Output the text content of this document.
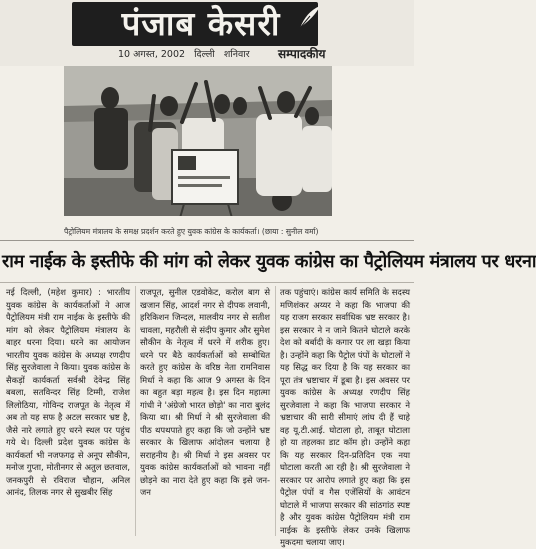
पंजाब केसरी
10 अगस्त, 2002 दिल्ली शनिवार	सम्पादकीय
पैट्रोलियम मंत्रालय के समक्ष प्रदर्शन करते हुए युवक कांग्रेस के कार्यकर्ता। (छाया : सुनील वर्मा)
राम नाईक के इस्तीफे की मांग को लेकर युवक कांग्रेस का पैट्रोलियम मंत्रालय पर धरना

नई दिल्ली, (महेश कुमार) : भारतीय युवक कांग्रेस के कार्यकर्ताओं ने आज पैट्रोलियम मंत्री राम नाईक के इस्तीफे की मांग को लेकर पैट्रोलियम मंत्रालय के बाहर धरना दिया। धरने का आयोजन भारतीय युवक कांग्रेस के अध्यक्ष रणदीप सिंह सुरजेवाला ने किया। युवक कांग्रेस के सैकड़ों कार्यकर्ता सर्वश्री देवेन्द्र सिंह बबला, सतविन्दर सिंह टिम्मी, राजेश लिलोठिया, गोविन्द राजपूत के नेतृत्व में अब तो यह सफ है अटल सरकार भ्रष्ट है, जैसे नारे लगाते हुए धरने स्थल पर पहुंच गये थे। दिल्ली प्रदेश युवक कांग्रेस के कार्यकर्ता भी नजफगढ़ से अनूप सौकीन, मनोज गुप्ता, मोतीनगर से अतुल छतवाल, जनकपुरी से रविराज चौहान, अनिल आनंद, तिलक नगर से सुखबीर सिंह

राजपूत, सुनील एडवोकेट, करोल बाग से खजान सिंह, आदर्श नगर से दीपक लवानी, हरिकिशन जिन्दल, मालवीय नगर से सतीश चावला, महरौली से संदीप कुमार और सुमेश सौकीन के नेतृत्व में धरने में शरीक हुए। धरने पर बैठे कार्यकर्ताओं को सम्बोधित करते हुए कांग्रेस के वरिष्ठ नेता रामनिवास मिर्धा ने कहा कि आज 9 अगस्त के दिन का बहुत बड़ा महत्व है। इस दिन महात्मा गांधी ने 'अंग्रेजो भारत छोड़ो' का नारा बुलंद किया था। श्री मिर्धा ने श्री सुरजेवाला की पीठ थपथपाते हुए कहा कि जो उन्होंने भ्रष्ट सरकार के खिलाफ आंदोलन चलाया है सराहनीय है। श्री मिर्धा ने इस अवसर पर युवक कांग्रेस कार्यकर्ताओं को भावना नहीं छोड़ने का नारा देते हुए कहा कि इसे जन-जन

तक पहुंचाएं। कांग्रेस कार्य समिति के सदस्य मणिशंकर अय्यर ने कहा कि भाजपा की यह राजग सरकार सर्वाधिक भ्रष्ट सरकार है। इस सरकार ने न जाने कितने घोटाले करके देश को बर्बादी के कगार पर ला खड़ा किया है। उन्होंने कहा कि पैट्रोल पंपों के घोटालों ने यह सिद्ध कर दिया है कि यह सरकार का पूरा तंत्र भ्रष्टाचार में डूबा है। इस अवसर पर युवक कांग्रेस के अध्यक्ष रणदीप सिंह सुरजेवाला ने कहा कि भाजपा सरकार ने भ्रष्टाचार की सारी सीमाएं लांघ दी हैं चाहे वह यू.टी.आई. घोटाला हो, ताबूत घोटाला हो या तहलका डाट कॉम हो। उन्होंने कहा कि यह सरकार दिन-प्रतिदिन एक नया घोटाला करती आ रही है। श्री सुरजेवाला ने सरकार पर आरोप लगाते हुए कहा कि इस पैट्रोल पंपों व गैस एजेंसियों के आवंटन घोटाले में भाजपा सरकार की सांठगांठ स्पष्ट है और युवक कांग्रेस पैट्रोलियम मंत्री राम नाईक के इस्तीफे लेकर उनके खिलाफ मुकदमा चलाया जाए।
